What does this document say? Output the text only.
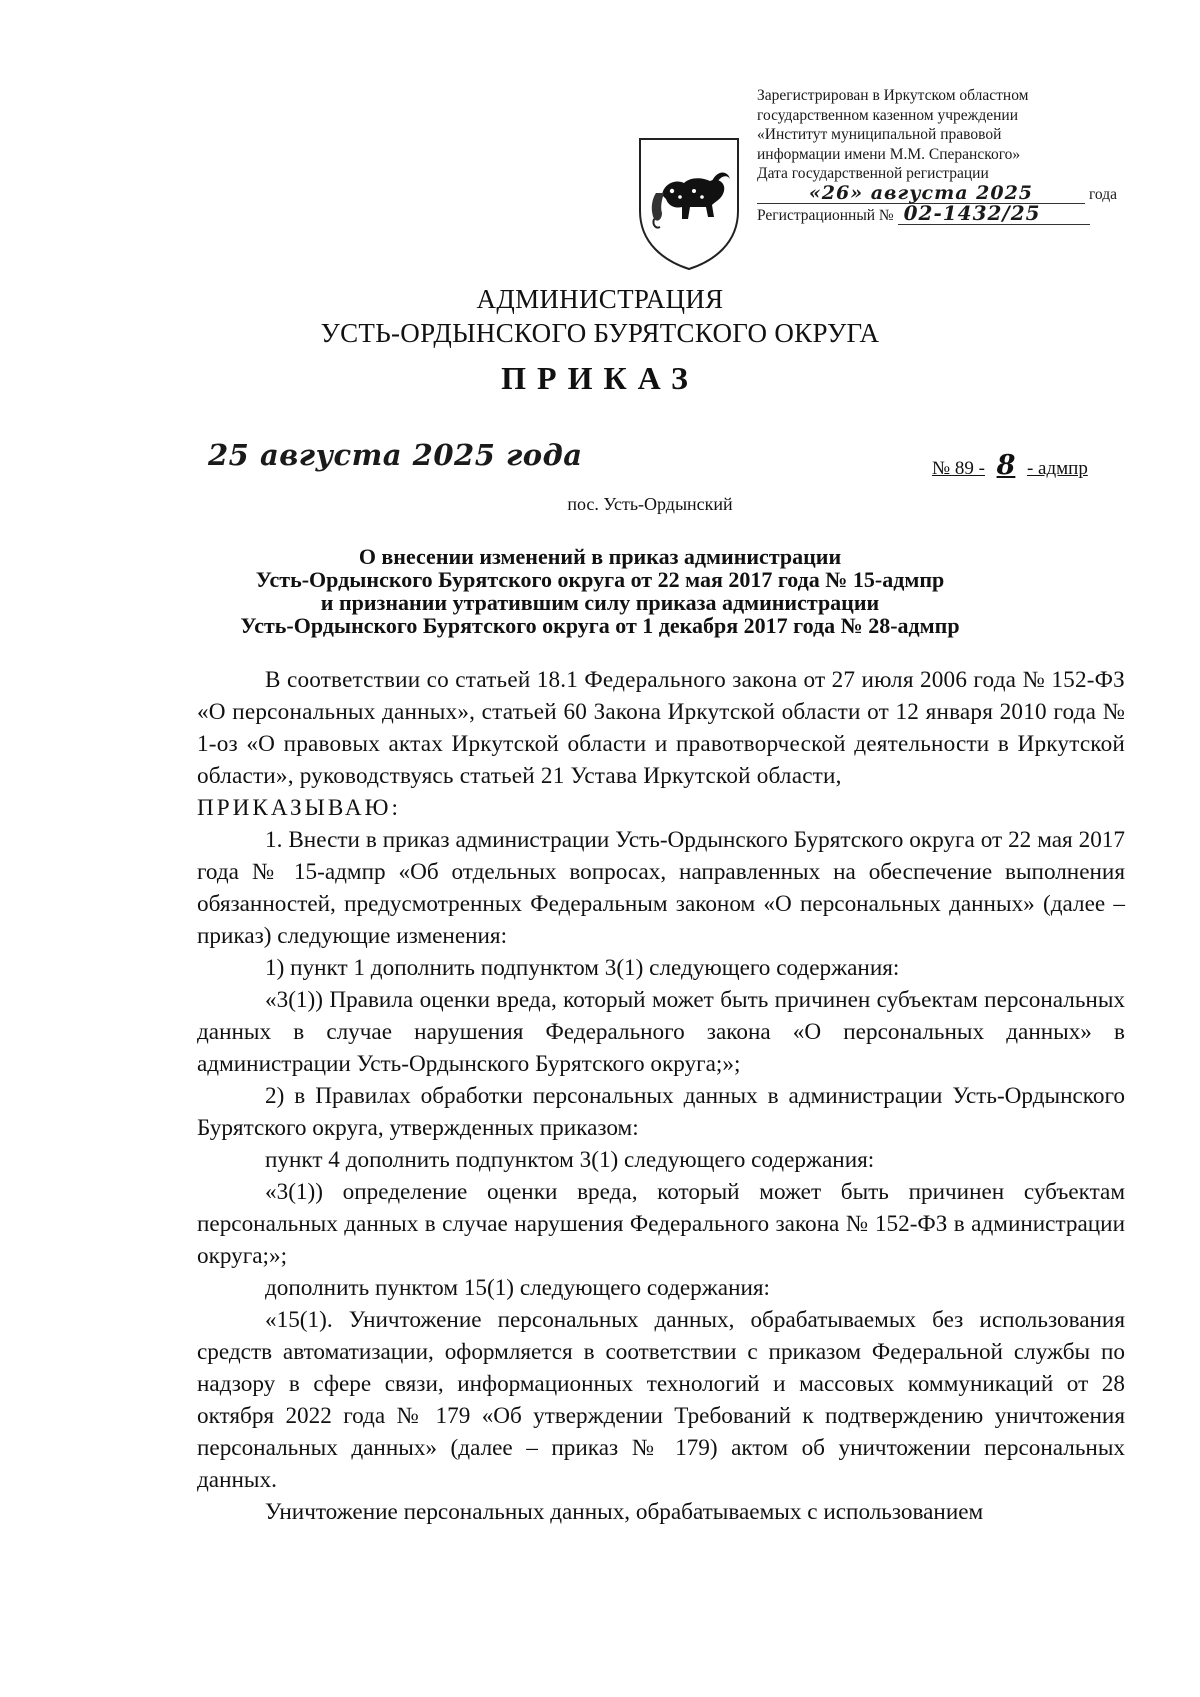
Зарегистрирован в Иркутском областном
государственном казенном учреждении
«Институт муниципальной правовой
информации имени М.М. Сперанского»
Дата государственной регистрации
«26» августа 2025	года
Регистрационный № 02-1432/25
АДМИНИСТРАЦИЯ
УСТЬ-ОРДЫНСКОГО БУРЯТСКОГО ОКРУГА
ПРИКАЗ
25 августа 2025 года	№ 89 - 8 - адмпр
пос. Усть-Ордынский
О внесении изменений в приказ администрации
Усть-Ордынского Бурятского округа от 22 мая 2017 года № 15-адмпр
и признании утратившим силу приказа администрации
Усть-Ордынского Бурятского округа от 1 декабря 2017 года № 28-адмпр

В соответствии со статьей 18.1 Федерального закона от 27 июля 2006 года № 152-ФЗ «О персональных данных», статьей 60 Закона Иркутской области от 12 января 2010 года № 1-оз «О правовых актах Иркутской области и правотворческой деятельности в Иркутской области», руководствуясь статьей 21 Устава Иркутской области,

ПРИКАЗЫВАЮ:

1. Внести в приказ администрации Усть-Ордынского Бурятского округа от 22 мая 2017 года № 15-адмпр «Об отдельных вопросах, направленных на обеспечение выполнения обязанностей, предусмотренных Федеральным законом «О персональных данных» (далее – приказ) следующие изменения:

1) пункт 1 дополнить подпунктом 3(1) следующего содержания:

«3(1)) Правила оценки вреда, который может быть причинен субъектам персональных данных в случае нарушения Федерального закона «О персональных данных» в администрации Усть-Ордынского Бурятского округа;»;

2) в Правилах обработки персональных данных в администрации Усть-Ордынского Бурятского округа, утвержденных приказом:

пункт 4 дополнить подпунктом 3(1) следующего содержания:

«3(1)) определение оценки вреда, который может быть причинен субъектам персональных данных в случае нарушения Федерального закона № 152-ФЗ в администрации округа;»;

дополнить пунктом 15(1) следующего содержания:

«15(1). Уничтожение персональных данных, обрабатываемых без использования средств автоматизации, оформляется в соответствии с приказом Федеральной службы по надзору в сфере связи, информационных технологий и массовых коммуникаций от 28 октября 2022 года № 179 «Об утверждении Требований к подтверждению уничтожения персональных данных» (далее – приказ № 179) актом об уничтожении персональных данных.

Уничтожение персональных данных, обрабатываемых с использованием
